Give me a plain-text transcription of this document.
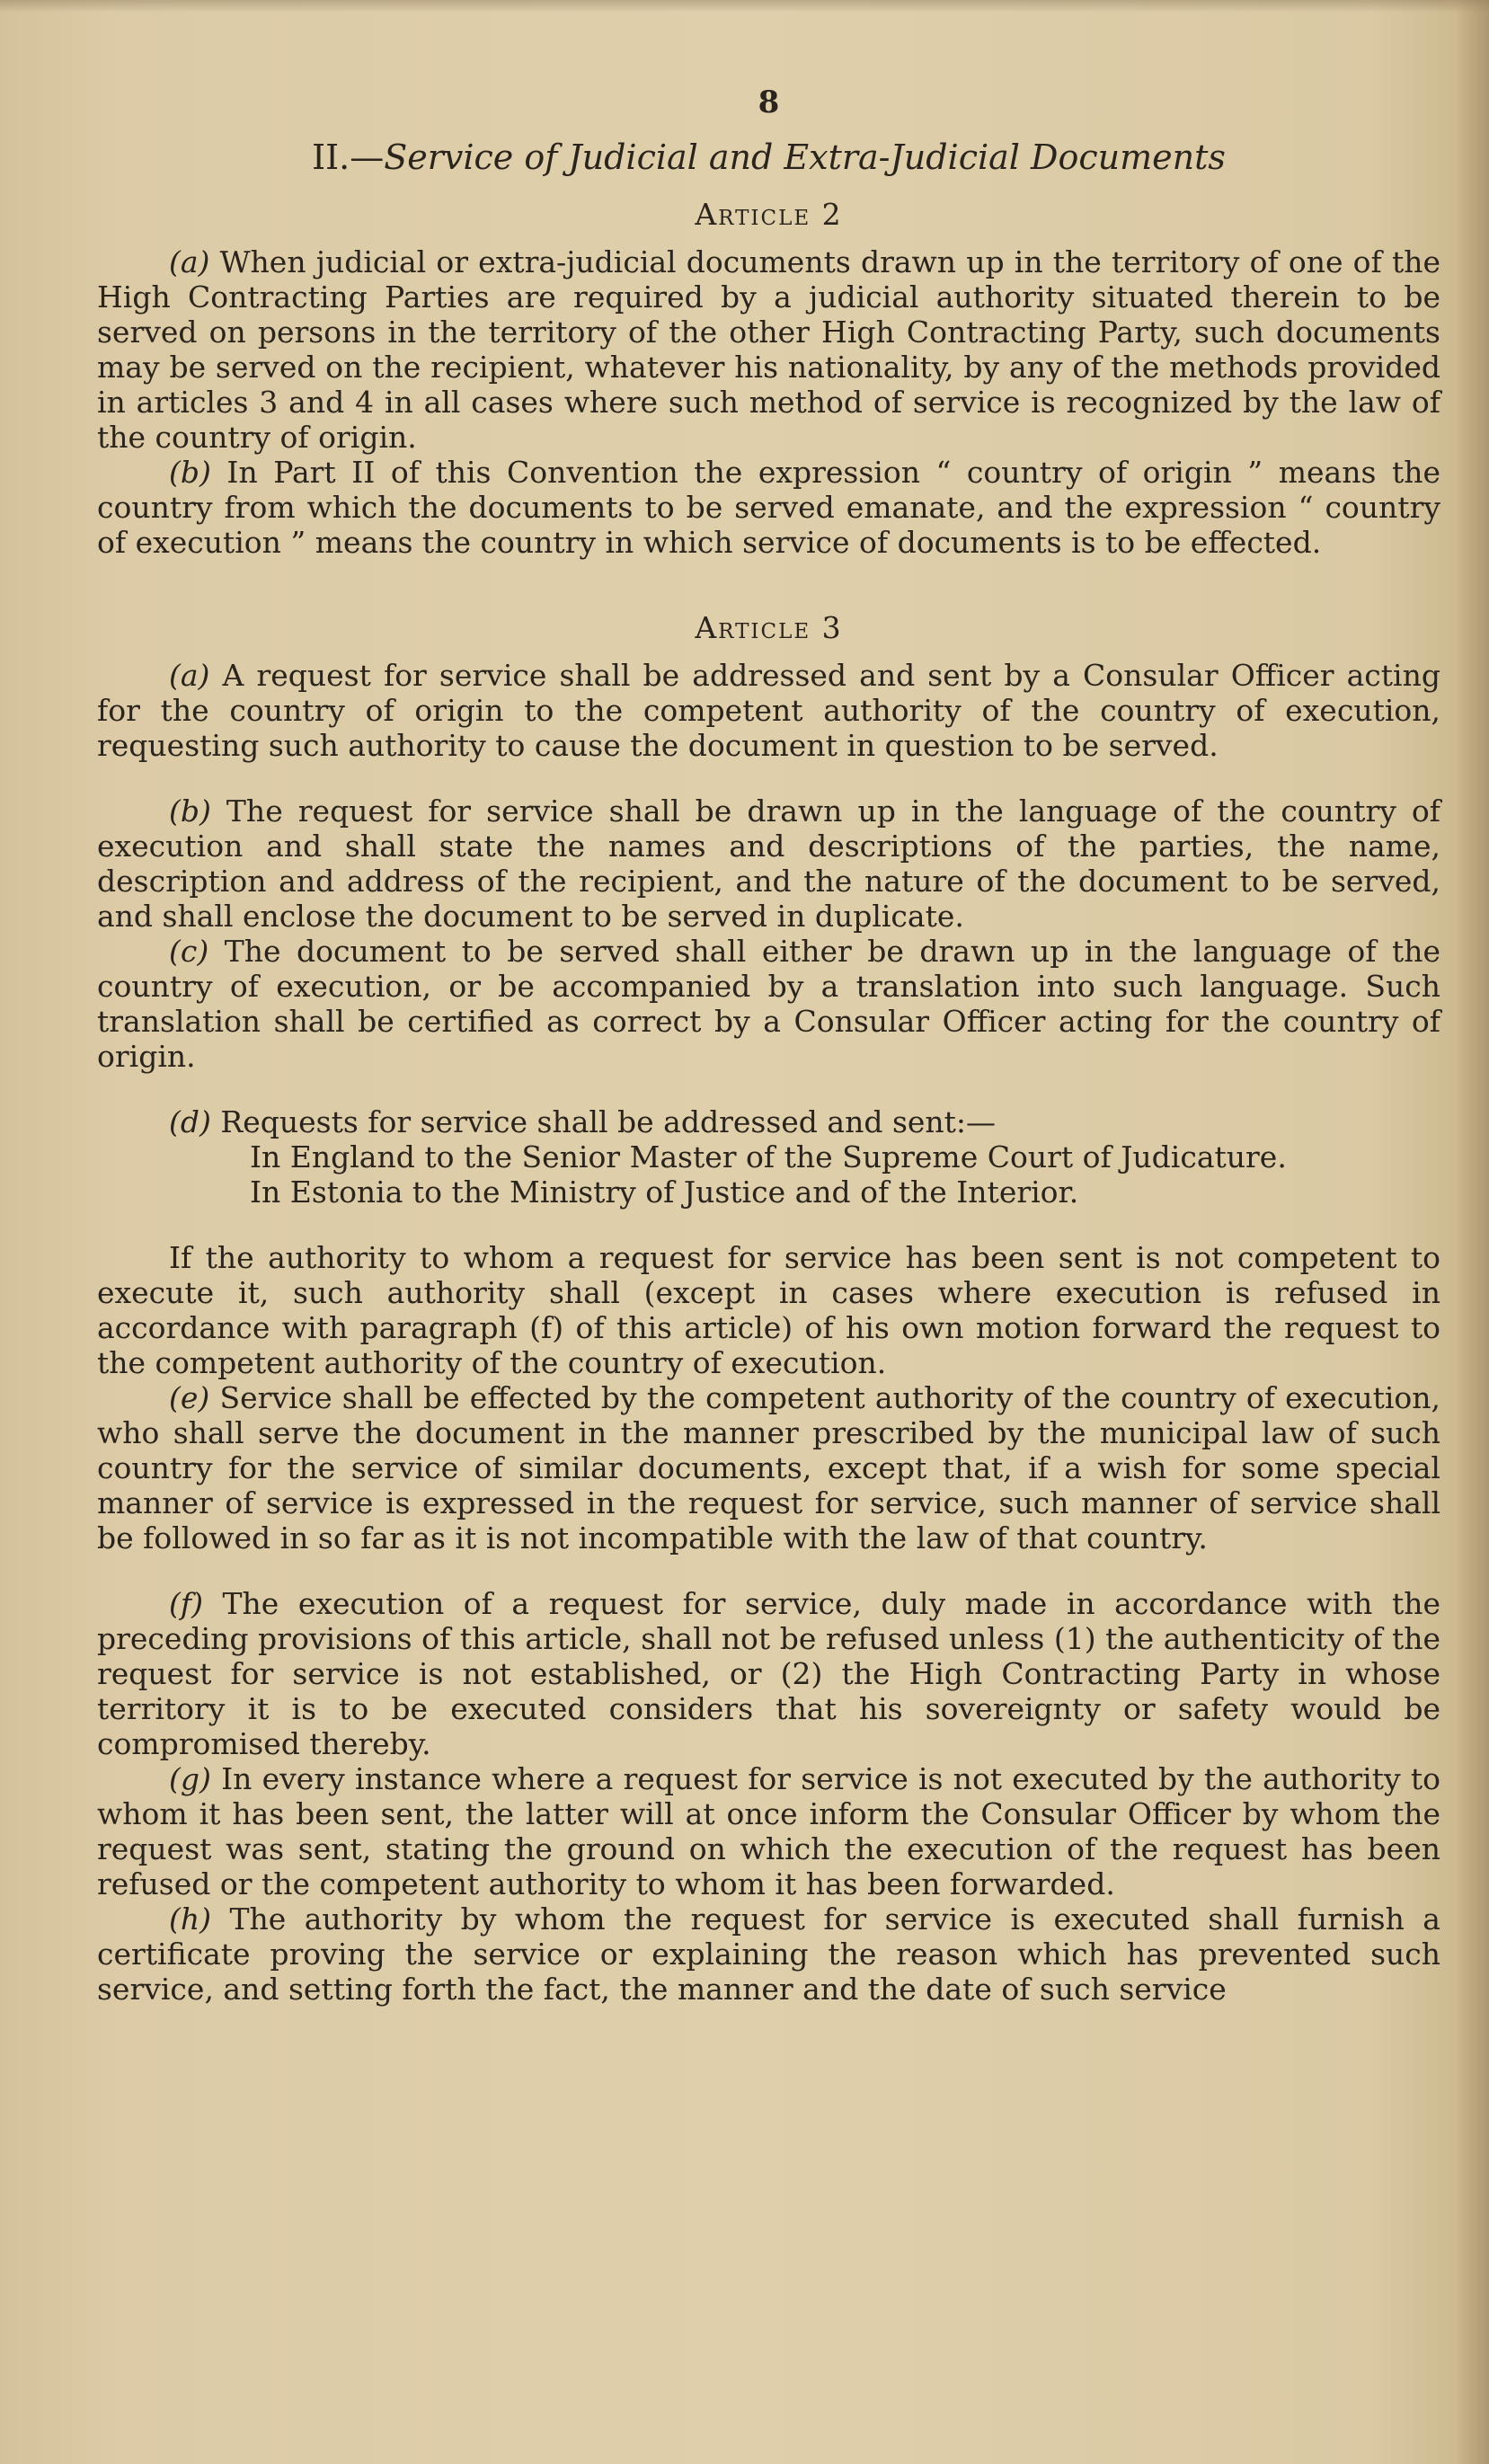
8
II.—Service of Judicial and Extra-Judicial Documents
Article 2

(a) When judicial or extra-judicial documents drawn up in the territory of one of the High Contracting Parties are required by a judicial authority situated therein to be served on persons in the territory of the other High Contracting Party, such documents may be served on the recipient, whatever his nationality, by any of the methods provided in articles 3 and 4 in all cases where such method of service is recognized by the law of the country of origin.

(b) In Part II of this Convention the expression “ country of origin ” means the country from which the documents to be served emanate, and the expression “ country of execution ” means the country in which service of documents is to be effected.

Article 3

(a) A request for service shall be addressed and sent by a Consular Officer acting for the country of origin to the competent authority of the country of execution, requesting such authority to cause the document in question to be served.

(b) The request for service shall be drawn up in the language of the country of execution and shall state the names and descriptions of the parties, the name, description and address of the recipient, and the nature of the document to be served, and shall enclose the document to be served in duplicate.

(c) The document to be served shall either be drawn up in the language of the country of execution, or be accompanied by a translation into such language. Such translation shall be certified as correct by a Consular Officer acting for the country of origin.

(d) Requests for service shall be addressed and sent:—

In England to the Senior Master of the Supreme Court of Judicature.

In Estonia to the Ministry of Justice and of the Interior.

If the authority to whom a request for service has been sent is not competent to execute it, such authority shall (except in cases where execution is refused in accordance with paragraph (f) of this article) of his own motion forward the request to the competent authority of the country of execution.

(e) Service shall be effected by the competent authority of the country of execution, who shall serve the document in the manner prescribed by the municipal law of such country for the service of similar documents, except that, if a wish for some special manner of service is expressed in the request for service, such manner of service shall be followed in so far as it is not incompatible with the law of that country.

(f) The execution of a request for service, duly made in accordance with the preceding provisions of this article, shall not be refused unless (1) the authenticity of the request for service is not established, or (2) the High Contracting Party in whose territory it is to be executed considers that his sovereignty or safety would be compromised thereby.

(g) In every instance where a request for service is not executed by the authority to whom it has been sent, the latter will at once inform the Consular Officer by whom the request was sent, stating the ground on which the execution of the request has been refused or the competent authority to whom it has been forwarded.

(h) The authority by whom the request for service is executed shall furnish a certificate proving the service or explaining the reason which has prevented such service, and setting forth the fact, the manner and the date of such service
